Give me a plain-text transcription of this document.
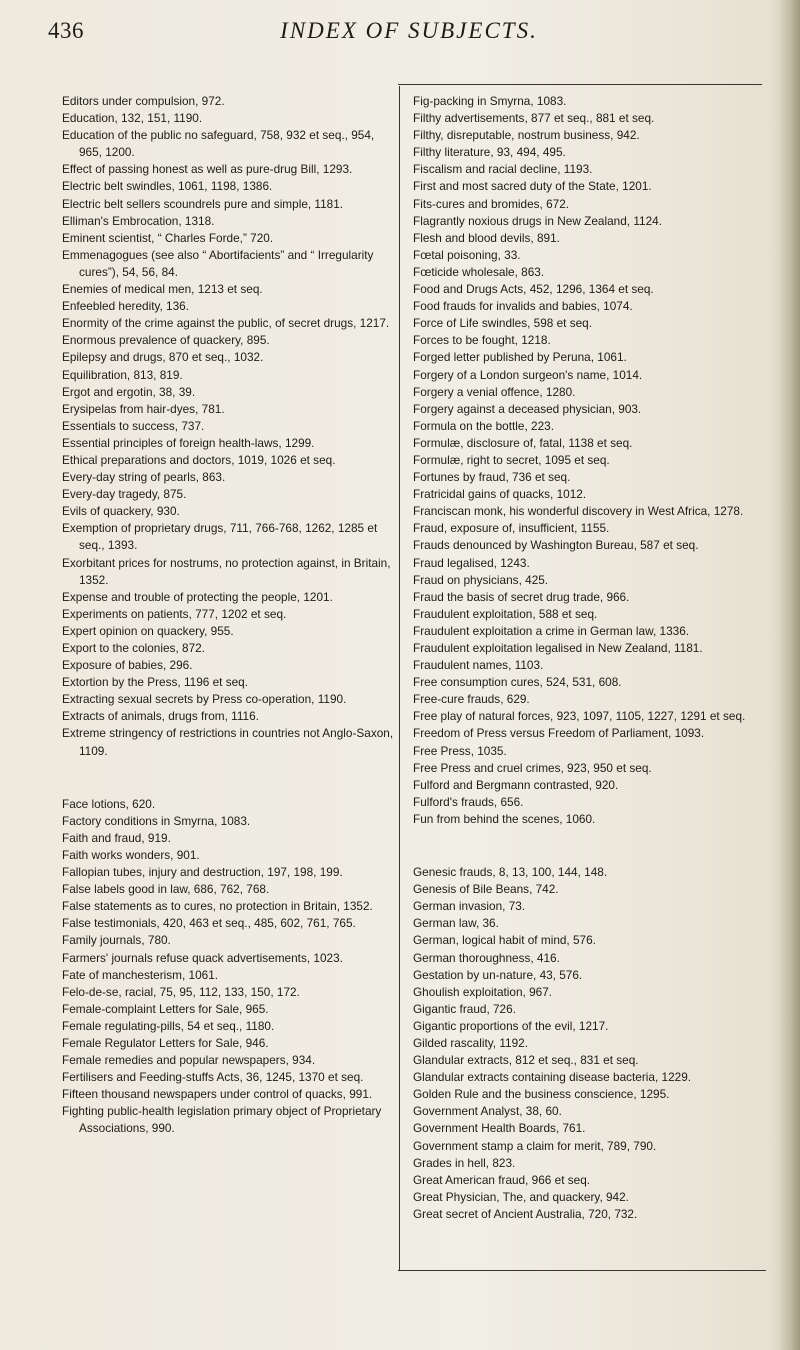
INDEX OF SUBJECTS.
436

Editors under compulsion, 972.

Education, 132, 151, 1190.

Education of the public no safeguard, 758, 932 et seq., 954, 965, 1200.

Effect of passing honest as well as pure-drug Bill, 1293.

Electric belt swindles, 1061, 1198, 1386.

Electric belt sellers scoundrels pure and simple, 1181.

Elliman's Embrocation, 1318.

Eminent scientist, “ Charles Forde,” 720.

Emmenagogues (see also “ Abortifacients” and “ Irregularity cures”), 54, 56, 84.

Enemies of medical men, 1213 et seq.

Enfeebled heredity, 136.

Enormity of the crime against the public, of secret drugs, 1217.

Enormous prevalence of quackery, 895.

Epilepsy and drugs, 870 et seq., 1032.

Equilibration, 813, 819.

Ergot and ergotin, 38, 39.

Erysipelas from hair-dyes, 781.

Essentials to success, 737.

Essential principles of foreign health-laws, 1299.

Ethical preparations and doctors, 1019, 1026 et seq.

Every-day string of pearls, 863.

Every-day tragedy, 875.

Evils of quackery, 930.

Exemption of proprietary drugs, 711, 766-768, 1262, 1285 et seq., 1393.

Exorbitant prices for nostrums, no protection against, in Britain, 1352.

Expense and trouble of protecting the people, 1201.

Experiments on patients, 777, 1202 et seq.

Expert opinion on quackery, 955.

Export to the colonies, 872.

Exposure of babies, 296.

Extortion by the Press, 1196 et seq.

Extracting sexual secrets by Press co-operation, 1190.

Extracts of animals, drugs from, 1116.

Extreme stringency of restrictions in countries not Anglo-Saxon, 1109.

Face lotions, 620.

Factory conditions in Smyrna, 1083.

Faith and fraud, 919.

Faith works wonders, 901.

Fallopian tubes, injury and destruction, 197, 198, 199.

False labels good in law, 686, 762, 768.

False statements as to cures, no protection in Britain, 1352.

False testimonials, 420, 463 et seq., 485, 602, 761, 765.

Family journals, 780.

Farmers' journals refuse quack advertisements, 1023.

Fate of manchesterism, 1061.

Felo-de-se, racial, 75, 95, 112, 133, 150, 172.

Female-complaint Letters for Sale, 965.

Female regulating-pills, 54 et seq., 1180.

Female Regulator Letters for Sale, 946.

Female remedies and popular newspapers, 934.

Fertilisers and Feeding-stuffs Acts, 36, 1245, 1370 et seq.

Fifteen thousand newspapers under control of quacks, 991.

Fighting public-health legislation primary object of Proprietary Associations, 990.

Fig-packing in Smyrna, 1083.

Filthy advertisements, 877 et seq., 881 et seq.

Filthy, disreputable, nostrum business, 942.

Filthy literature, 93, 494, 495.

Fiscalism and racial decline, 1193.

First and most sacred duty of the State, 1201.

Fits-cures and bromides, 672.

Flagrantly noxious drugs in New Zealand, 1124.

Flesh and blood devils, 891.

Fœtal poisoning, 33.

Fœticide wholesale, 863.

Food and Drugs Acts, 452, 1296, 1364 et seq.

Food frauds for invalids and babies, 1074.

Force of Life swindles, 598 et seq.

Forces to be fought, 1218.

Forged letter published by Peruna, 1061.

Forgery of a London surgeon's name, 1014.

Forgery a venial offence, 1280.

Forgery against a deceased physician, 903.

Formula on the bottle, 223.

Formulæ, disclosure of, fatal, 1138 et seq.

Formulæ, right to secret, 1095 et seq.

Fortunes by fraud, 736 et seq.

Fratricidal gains of quacks, 1012.

Franciscan monk, his wonderful discovery in West Africa, 1278.

Fraud, exposure of, insufficient, 1155.

Frauds denounced by Washington Bureau, 587 et seq.

Fraud legalised, 1243.

Fraud on physicians, 425.

Fraud the basis of secret drug trade, 966.

Fraudulent exploitation, 588 et seq.

Fraudulent exploitation a crime in German law, 1336.

Fraudulent exploitation legalised in New Zealand, 1181.

Fraudulent names, 1103.

Free consumption cures, 524, 531, 608.

Free-cure frauds, 629.

Free play of natural forces, 923, 1097, 1105, 1227, 1291 et seq.

Freedom of Press versus Freedom of Parliament, 1093.

Free Press, 1035.

Free Press and cruel crimes, 923, 950 et seq.

Fulford and Bergmann contrasted, 920.

Fulford's frauds, 656.

Fun from behind the scenes, 1060.

Genesic frauds, 8, 13, 100, 144, 148.

Genesis of Bile Beans, 742.

German invasion, 73.

German law, 36.

German, logical habit of mind, 576.

German thoroughness, 416.

Gestation by un-nature, 43, 576.

Ghoulish exploitation, 967.

Gigantic fraud, 726.

Gigantic proportions of the evil, 1217.

Gilded rascality, 1192.

Glandular extracts, 812 et seq., 831 et seq.

Glandular extracts containing disease bacteria, 1229.

Golden Rule and the business conscience, 1295.

Government Analyst, 38, 60.

Government Health Boards, 761.

Government stamp a claim for merit, 789, 790.

Grades in hell, 823.

Great American fraud, 966 et seq.

Great Physician, The, and quackery, 942.

Great secret of Ancient Australia, 720, 732.
